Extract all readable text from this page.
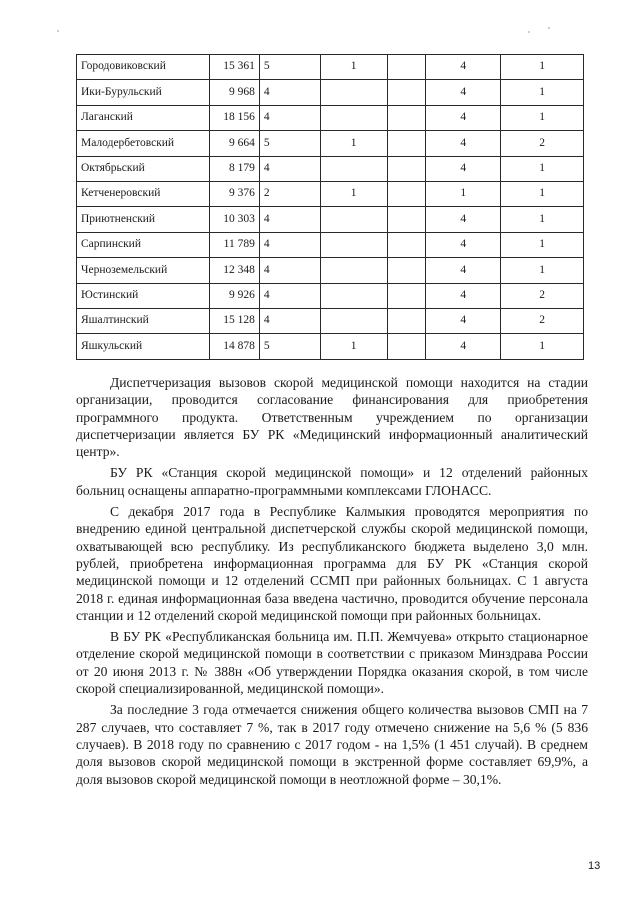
Городовиковский	15 361	5	1		4	1
Ики-Бурульский	9 968	4			4	1
Лаганский	18 156	4			4	1
Малодербетовский	9 664	5	1		4	2
Октябрьский	8 179	4			4	1
Кетченеровский	9 376	2	1		1	1
Приютненский	10 303	4			4	1
Сарпинский	11 789	4			4	1
Черноземельский	12 348	4			4	1
Юстинский	9 926	4			4	2
Яшалтинский	15 128	4			4	2
Яшкульский	14 878	5	1		4	1

Диспетчеризация вызовов скорой медицинской помощи находится на стадии организации, проводится согласование финансирования для приобретения программного продукта. Ответственным учреждением по организации диспетчеризации является БУ РК «Медицинский информационный аналитический центр».

БУ РК «Станция скорой медицинской помощи» и 12 отделений районных больниц оснащены аппаратно-программными комплексами ГЛОНАСС.

С декабря 2017 года в Республике Калмыкия проводятся мероприятия по внедрению единой центральной диспетчерской службы скорой медицинской помощи, охватывающей всю республику. Из республиканского бюджета выделено 3,0 млн. рублей, приобретена информационная программа для БУ РК «Станция скорой медицинской помощи и 12 отделений ССМП при районных больницах. С 1 августа 2018 г. единая информационная база введена частично, проводится обучение персонала станции и 12 отделений скорой медицинской помощи при районных больницах.

В БУ РК «Республиканская больница им. П.П. Жемчуева» открыто стационарное отделение скорой медицинской помощи в соответствии с приказом Минздрава России от 20 июня 2013 г. № 388н «Об утверждении Порядка оказания скорой, в том числе скорой специализированной, медицинской помощи».

За последние 3 года отмечается снижения общего количества вызовов СМП на 7 287 случаев, что составляет 7 %, так в 2017 году отмечено снижение на 5,6 % (5 836 случаев). В 2018 году по сравнению с 2017 годом - на 1,5% (1 451 случай). В среднем доля вызовов скорой медицинской помощи в экстренной форме составляет 69,9%, а доля вызовов скорой медицинской помощи в неотложной форме – 30,1%.

13
